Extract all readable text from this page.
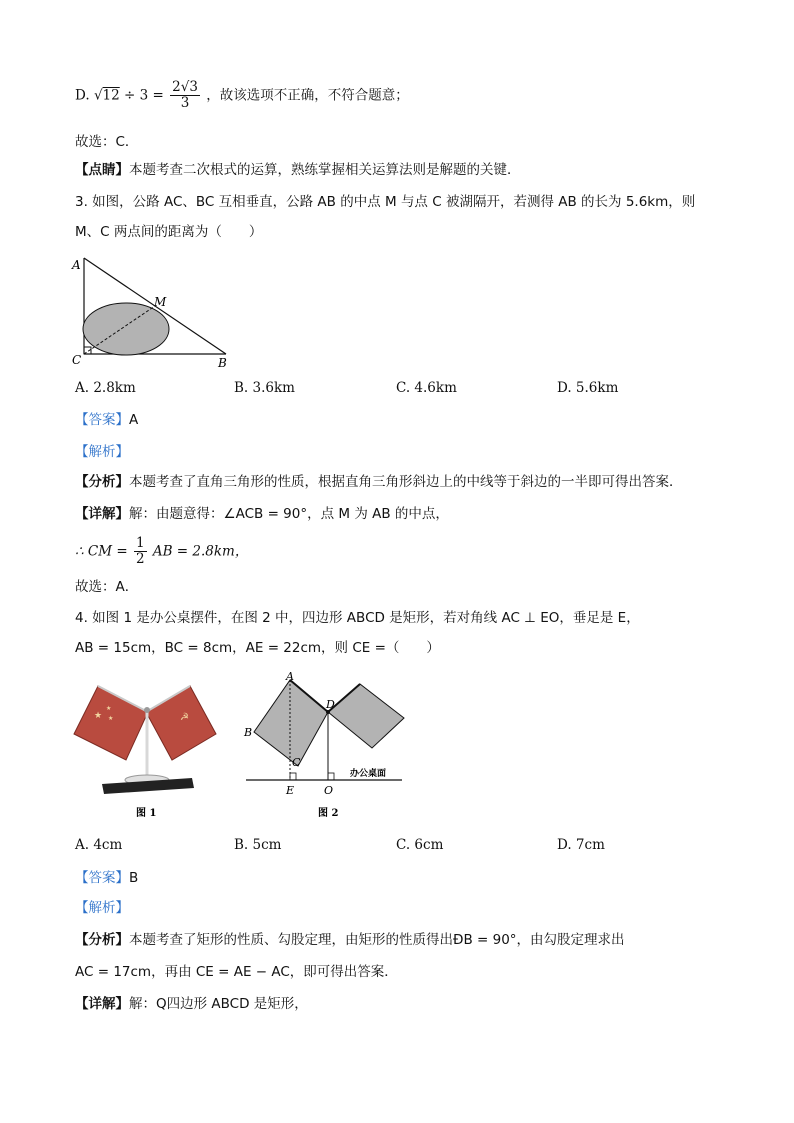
D. $√12 \div 3 = \frac{2√3}{3}$ ，故该选项不正确，不符合题意；
故选：C．
【点睛】本题考查二次根式的运算，熟练掌握相关运算法则是解题的关键．
3. 如图，公路 AC、BC 互相垂直，公路 AB 的中点 M 与点 C 被湖隔开，若测得 AB 的长为 5.6km，则
M、C 两点间的距离为（　　）
A
M
C	B
A. 2.8km	B. 3.6km	C. 4.6km	D. 5.6km
【答案】A
【解析】
【分析】本题考查了直角三角形的性质，根据直角三角形斜边上的中线等于斜边的一半即可得出答案．
【详解】解：由题意得：∠ACB = 90°，点 M 为 AB 的中点，
∴ CM = $\frac{1}{2}$ AB = 2.8km，
故选：A．
4. 如图 1 是办公桌摆件，在图 2 中，四边形 ABCD 是矩形，若对角线 AC ⊥ EO，垂足是 E，
AB = 15cm，BC = 8cm，AE = 22cm，则 CE =（　　）
★
★
★	☭
图 1
A
B
C
D
E	O
办公桌面
图 2
A. 4cm	B. 5cm	C. 6cm	D. 7cm
【答案】B
【解析】
【分析】本题考查了矩形的性质、勾股定理，由矩形的性质得出ÐB = 90°，由勾股定理求出
AC = 17cm，再由 CE = AE − AC，即可得出答案．
【详解】解：Q四边形 ABCD 是矩形，
